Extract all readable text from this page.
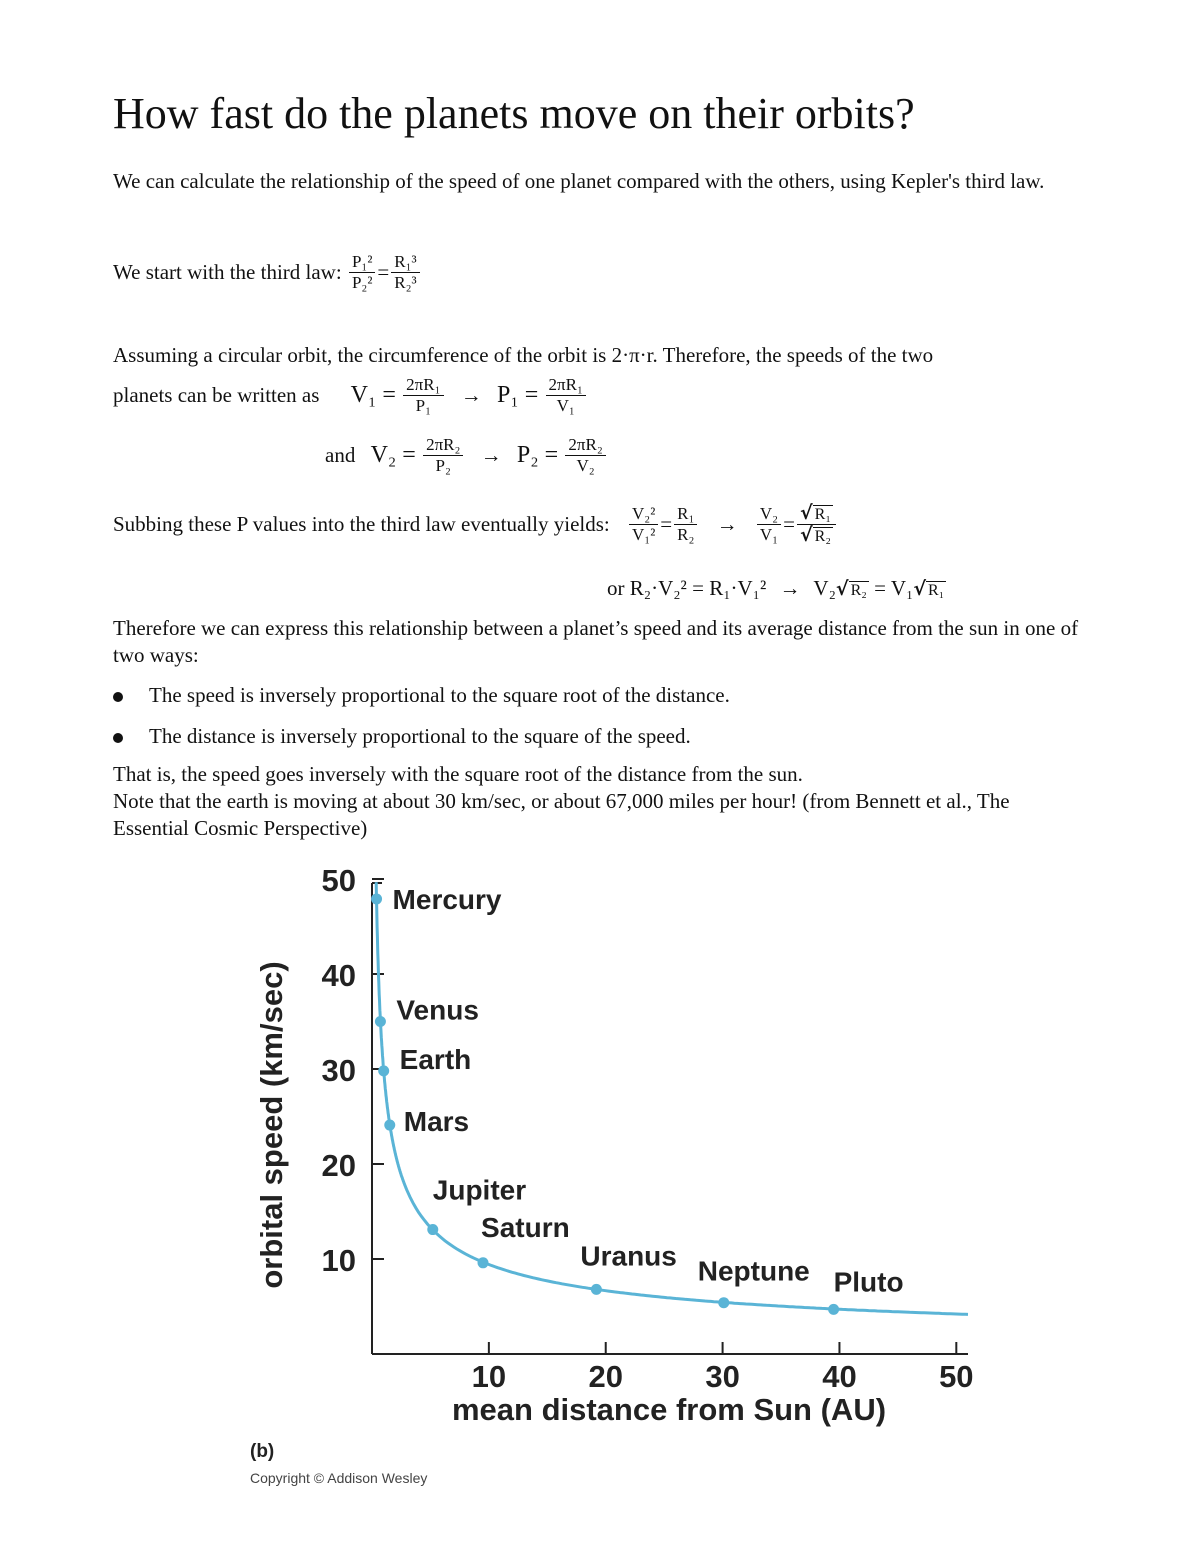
How fast do the planets move on their orbits?
We can calculate the relationship of the speed of one planet compared with the others, using Kepler's third law.
We start with the third law: $\frac{\text{P₁²}}{\text{P₂²}} = \frac{\text{R₁³}}{\text{R₂³}}$
Assuming a circular orbit, the circumference of the orbit is 2·π·r. Therefore, the speeds of the two
planets can be written as $V_1 = \frac{\text{2πR₁}}{\text{P₁}} \to P_1 = \frac{\text{2πR₁}}{\text{V₁}}$
and $V_2 = \frac{\text{2πR₂}}{\text{P₂}} \to P_2 = \frac{\text{2πR₂}}{\text{V₂}}$
Subbing these P values into the third law eventually yields: $\frac{\text{V₂²}}{\text{V₁²}} = \frac{\text{R₁}}{\text{R₂}} \to \frac{\text{V₂}}{\text{V₁}} = \frac{\text{√ R₁}}{\text{√ R₂}}$
or R₂·V₂² = R₁·V₁² → V₂√ R₂ = V₁√ R₁
Therefore we can express this relationship between a planet’s speed and its average distance from the sun in one of two ways:
The speed is inversely proportional to the square root of the distance.
The distance is inversely proportional to the square of the speed.
That is, the speed goes inversely with the square root of the distance from the sun.
Note that the earth is moving at about 30 km/sec, or about 67,000 miles per hour! (from Bennett et al., The Essential Cosmic Perspective)
10
20
30
40
50
10	20	30	40	50
Mercury
Venus
Earth
Mars
Jupiter
Saturn
Uranus Neptune Pluto
orbital speed (km/sec)
mean distance from Sun (AU)
(b)
Copyright © Addison Wesley
